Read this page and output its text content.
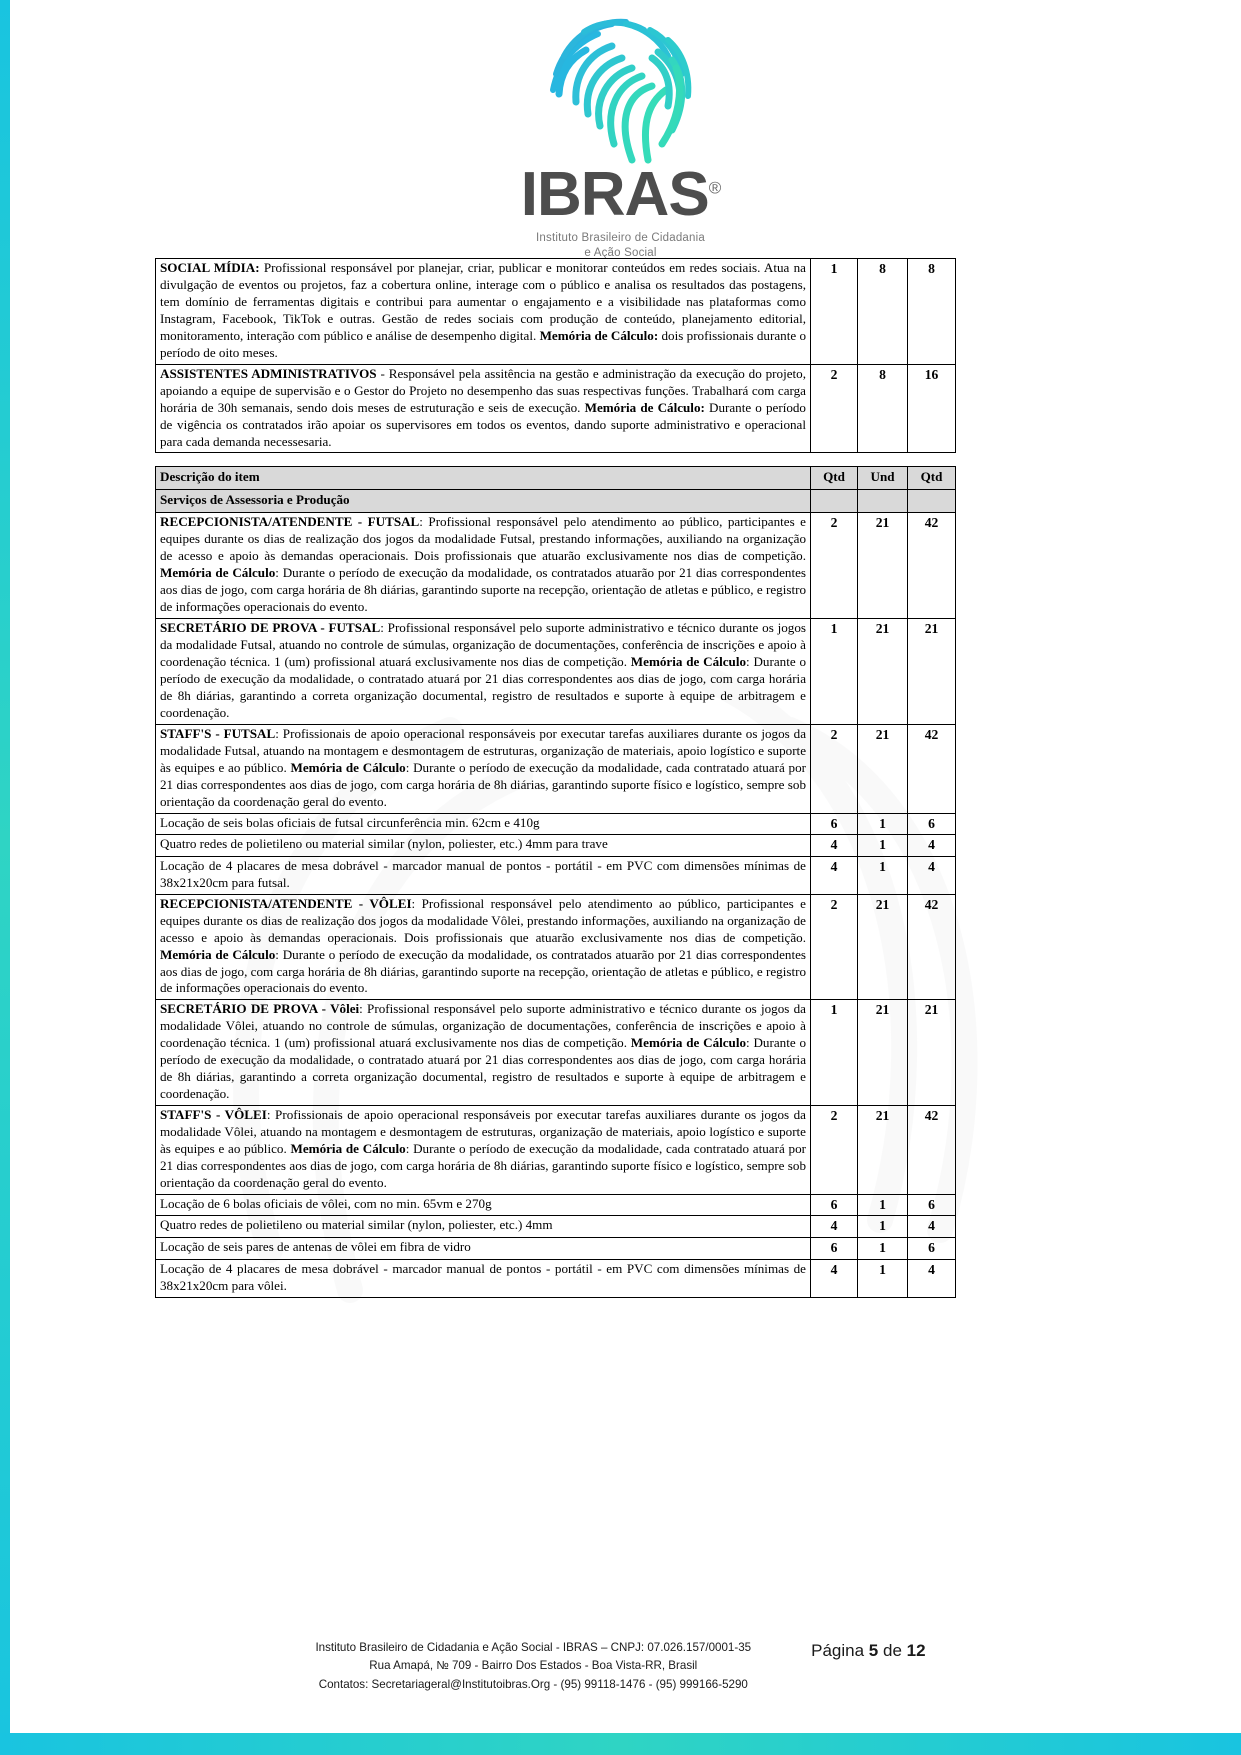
IBRAS®
Instituto Brasileiro de Cidadania
e Ação Social
SOCIAL MÍDIA: Profissional responsável por planejar, criar, publicar e monitorar conteúdos em redes sociais. Atua na divulgação de eventos ou projetos, faz a cobertura online, interage com o público e analisa os resultados das postagens, tem domínio de ferramentas digitais e contribui para aumentar o engajamento e a visibilidade nas plataformas como Instagram, Facebook, TikTok e outras. Gestão de redes sociais com produção de conteúdo, planejamento editorial, monitoramento, interação com público e análise de desempenho digital. Memória de Cálculo: dois profissionais durante o período de oito meses.	1	8	8
ASSISTENTES ADMINISTRATIVOS - Responsável pela assitência na gestão e administração da execução do projeto, apoiando a equipe de supervisão e o Gestor do Projeto no desempenho das suas respectivas funções. Trabalhará com carga horária de 30h semanais, sendo dois meses de estruturação e seis de execução. Memória de Cálculo: Durante o período de vigência os contratados irão apoiar os supervisores em todos os eventos, dando suporte administrativo e operacional para cada demanda necessesaria.	2	8	16
Descrição do item	Qtd	Und	Qtd
Serviços de Assessoria e Produção			
RECEPCIONISTA/ATENDENTE - FUTSAL: Profissional responsável pelo atendimento ao público, participantes e equipes durante os dias de realização dos jogos da modalidade Futsal, prestando informações, auxiliando na organização de acesso e apoio às demandas operacionais. Dois profissionais que atuarão exclusivamente nos dias de competição. Memória de Cálculo: Durante o período de execução da modalidade, os contratados atuarão por 21 dias correspondentes aos dias de jogo, com carga horária de 8h diárias, garantindo suporte na recepção, orientação de atletas e público, e registro de informações operacionais do evento.	2	21	42
SECRETÁRIO DE PROVA - FUTSAL: Profissional responsável pelo suporte administrativo e técnico durante os jogos da modalidade Futsal, atuando no controle de súmulas, organização de documentações, conferência de inscrições e apoio à coordenação técnica. 1 (um) profissional atuará exclusivamente nos dias de competição. Memória de Cálculo: Durante o período de execução da modalidade, o contratado atuará por 21 dias correspondentes aos dias de jogo, com carga horária de 8h diárias, garantindo a correta organização documental, registro de resultados e suporte à equipe de arbitragem e coordenação.	1	21	21
STAFF'S - FUTSAL: Profissionais de apoio operacional responsáveis por executar tarefas auxiliares durante os jogos da modalidade Futsal, atuando na montagem e desmontagem de estruturas, organização de materiais, apoio logístico e suporte às equipes e ao público. Memória de Cálculo: Durante o período de execução da modalidade, cada contratado atuará por 21 dias correspondentes aos dias de jogo, com carga horária de 8h diárias, garantindo suporte físico e logístico, sempre sob orientação da coordenação geral do evento.	2	21	42
Locação de seis bolas oficiais de futsal circunferência min. 62cm e 410g	6	1	6
Quatro redes de polietileno ou material similar (nylon, poliester, etc.) 4mm para trave	4	1	4
Locação de 4 placares de mesa dobrável - marcador manual de pontos - portátil - em PVC com dimensões mínimas de 38x21x20cm para futsal.	4	1	4
RECEPCIONISTA/ATENDENTE - VÔLEI: Profissional responsável pelo atendimento ao público, participantes e equipes durante os dias de realização dos jogos da modalidade Vôlei, prestando informações, auxiliando na organização de acesso e apoio às demandas operacionais. Dois profissionais que atuarão exclusivamente nos dias de competição. Memória de Cálculo: Durante o período de execução da modalidade, os contratados atuarão por 21 dias correspondentes aos dias de jogo, com carga horária de 8h diárias, garantindo suporte na recepção, orientação de atletas e público, e registro de informações operacionais do evento.	2	21	42
SECRETÁRIO DE PROVA - Vôlei: Profissional responsável pelo suporte administrativo e técnico durante os jogos da modalidade Vôlei, atuando no controle de súmulas, organização de documentações, conferência de inscrições e apoio à coordenação técnica. 1 (um) profissional atuará exclusivamente nos dias de competição. Memória de Cálculo: Durante o período de execução da modalidade, o contratado atuará por 21 dias correspondentes aos dias de jogo, com carga horária de 8h diárias, garantindo a correta organização documental, registro de resultados e suporte à equipe de arbitragem e coordenação.	1	21	21
STAFF'S - VÔLEI: Profissionais de apoio operacional responsáveis por executar tarefas auxiliares durante os jogos da modalidade Vôlei, atuando na montagem e desmontagem de estruturas, organização de materiais, apoio logístico e suporte às equipes e ao público. Memória de Cálculo: Durante o período de execução da modalidade, cada contratado atuará por 21 dias correspondentes aos dias de jogo, com carga horária de 8h diárias, garantindo suporte físico e logístico, sempre sob orientação da coordenação geral do evento.	2	21	42
Locação de 6 bolas oficiais de vôlei, com no min. 65vm e 270g	6	1	6
Quatro redes de polietileno ou material similar (nylon, poliester, etc.) 4mm	4	1	4
Locação de seis pares de antenas de vôlei em fibra de vidro	6	1	6
Locação de 4 placares de mesa dobrável - marcador manual de pontos - portátil - em PVC com dimensões mínimas de 38x21x20cm para vôlei.	4	1	4
Instituto Brasileiro de Cidadania e Ação Social - IBRAS – CNPJ: 07.026.157/0001-35
Rua Amapá, № 709 - Bairro Dos Estados - Boa Vista-RR, Brasil
Contatos: Secretariageral@Institutoibras.Org - (95) 99118-1476 - (95) 999166-5290
Página 5 de 12
